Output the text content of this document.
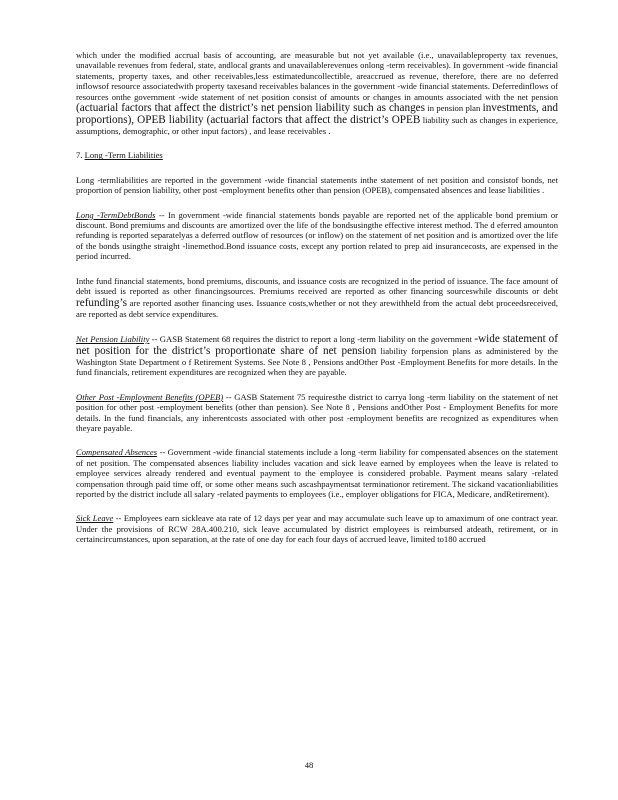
which under the modified accrual basis of accounting, are measurable but not yet available (i.e., unavailableproperty tax revenues, unavailable revenues from federal, state, andlocal grants and unavailablerevenues onlong -term receivables). In government -wide financial statements, property taxes, and other receivables,less estimateduncollectible, areaccrued as revenue, therefore, there are no deferred inflowsof resource associatedwith property taxesand receivables balances in the government -wide financial statements. Deferredinflows of resources onthe government -wide statement of net position consist of amounts or changes in amounts associated with the net pension (actuarial factors that affect the district’s net pension liability such as changes in pension plan investments, and proportions), OPEB liability (actuarial factors that affect the district’s OPEB liability such as changes in experience, assumptions, demographic, or other input factors) , and lease receivables .

7. Long -Term Liabilities

Long -termliabilities are reported in the government -wide financial statements inthe statement of net position and consistof bonds, net proportion of pension liability, other post -employment benefits other than pension (OPEB), compensated absences and lease liabilities .

Long -TermDebtBonds -- In government -wide financial statements bonds payable are reported net of the applicable bond premium or discount. Bond premiums and discounts are amortized over the life of the bondsusingthe effective interest method. The d eferred amounton refunding is reported separatelyas a deferred outflow of resources (or inflow) on the statement of net position and is amortized over the life of the bonds usingthe straight -linemethod.Bond issuance costs, except any portion related to prep aid insurancecosts, are expensed in the period incurred.

Inthe fund financial statements, bond premiums, discounts, and issuance costs are recognized in the period of issuance. The face amount of debt issued is reported as other financingsources. Premiums received are reported as other financing sourceswhile discounts or debt refunding’s are reported asother financing uses. Issuance costs,whether or not they arewithheld from the actual debt proceedsreceived, are reported as debt service expenditures.

Net Pension Liability -- GASB Statement 68 requires the district to report a long -term liability on the government -wide statement of net position for the district’s proportionate share of net pension liability forpension plans as administered by the Washington State Department o f Retirement Systems. See Note 8 , Pensions andOther Post -Employment Benefits for more details. In the fund financials, retirement expenditures are recognized when they are payable.

Other Post -Employment Benefits (OPEB) -- GASB Statement 75 requiresthe district to carrya long -term liability on the statement of net position for other post -employment benefits (other than pension). See Note 8 , Pensions andOther Post - Employment Benefits for more details. In the fund financials, any inherentcosts associated with other post -employment benefits are recognized as expenditures when theyare payable.

Compensated Absences -- Government -wide financial statements include a long -term liability for compensated absences on the statement of net position. The compensated absences liability includes vacation and sick leave earned by employees when the leave is related to employee services already rendered and eventual payment to the employee is considered probable. Payment means salary -related compensation through paid time off, or some other means such ascashpaymentsat terminationor retirement. The sickand vacationliabilities reported by the district include all salary -related payments to employees (i.e., employer obligations for FICA, Medicare, andRetirement).

Sick Leave -- Employees earn sickleave ata rate of 12 days per year and may accumulate such leave up to amaximum of one contract year. Under the provisions of RCW 28A.400.210, sick leave accumulated by district employees is reimbursed atdeath, retirement, or in certaincircumstances, upon separation, at the rate of one day for each four days of accrued leave, limited to180 accrued

48
